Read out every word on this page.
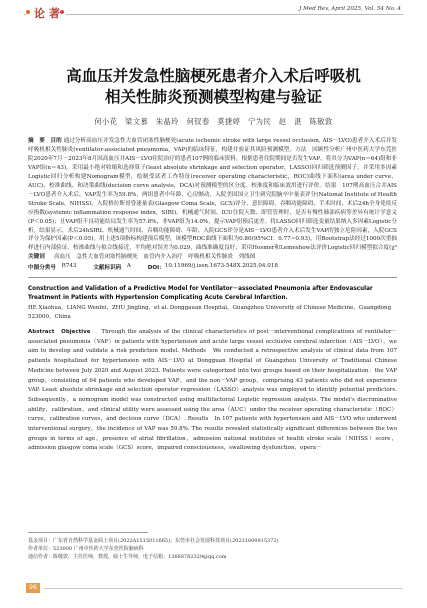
论 著	J Med Rev, April 2025, Vol. 54 No. 4
高血压并发急性脑梗死患者介入术后呼吸机
相关性肺炎预测模型构建与验证
何小花　梁文慕　朱晶玲　何钗春　莫捷婷　宁为民　赵　湛　陈敬敦
摘　要　目的 通过分析高血压并发急性大血管闭塞性脑梗死(acute ischemic stroke with large vessel occlusion, AIS－LVO)患者介入术后并发呼吸机相关性肺炎(ventilator-associated pneumonia，VAP)的临床特征，构建并验证其风险预测模型。方法　回顾性分析广州中医药大学东莞医院2020年7月－2023年8月因高血压并AIS－LVO住院治疗的患者107例的临床资料，根据患者住院期间是否发生VAP，将其分为VAP(n＝64)组和非VAP组(n＝43)。采用最小绝对收缩和选择算子(least absolute shrinkage and selection operator，LASSO)回归筛选预测因子，并采用多因素Logistic回归分析构建Nomogram模型，绘制受试者工作特征(receiver operating characteristic，ROC)曲线下面积(area under curve，AUC)、校准曲线、和决策曲线(decision curve analysis，DCA)对预测模型的区分度、校准度和临床效用进行评价。结果　107例高血压合并AIS－LVO患者介入术后，VAP发生率为59.8%，两组患者中年龄、心房颤动、入院美国国立卫生研究院脑卒中量表评分(National Institute of Health Stroke Scale，NIHSS)、入院格拉斯哥昏迷量表(Glasgow Coma Scale，GCS)评分、意识障碍、吞咽功能障碍、手术时间、术后24h全身免疫反应指数(systemic inflammation response index，SIRI)、机械通气时间、ICU住院天数、即管管理时、是否有慢性肺部疾病等差异有统计学意义(P＜0.05)；且VAP组不良功能结局发生率为57.8%，非VAP组为14.0%，提示VAP组预后更差。将LASSO回归筛选变量结果纳入多因素Logistic分析，结果显示，术后24hSIRI、机械通气时间、吞咽功能障碍、年龄、入院GCS评分是AIS－LVO患者介入术后发生VAP的独立危险因素，入院GCS评分为保护因素(P＜0.05)。用上述5项指标构建预后模型，该模型ROC曲线下面积为0.80(95%CI：0.77~0.93)，用Bootstrap法经过1000次重抽样进行内部验证，校准曲线与拟合线接近，平均绝对误差为0.029，曲线准确度良好；采用Hosmer和Lemeshow法评价Logistic回归模型拟合度(χ²　
关键词 　 高血压　急性大血管闭塞性脑梗死　血管内介入治疗　呼吸机相关性肺炎　列线图
中图分类号
　 R743
　　　	文献标识码
　 A
　　　	DOI： 10.11969/j.issn.1673-548X.2025.04.018
Construction and Validation of a Predictive Model for Ventilator－associated Pneumonia after Endovascular Treatment in Patients with Hypertension Complicating Acute Cerebral Infarction.
HE Xiaohua，LIANG Wenfei，ZHU Jingling，et al. Donggauan Hospital，Guangzhou University of Chinese Medicine，Guangdong 523000，China
Abstract　Objective 　 Through the analysis of the clinical characteristics of post－interventional complications of ventilator－associated pneumonia（VAP）in patients with hypertension and acute large vessel occlusive cerebral infarction（AIS－LVO），we aim to develop and validate a risk prediction model. Methods　We conducted a retrospective analysis of clinical data from 107 patients hospitalized for hypertension with AIS－LVO at Dongguan Hospital of Guangzhou University of Traditional Chinese Medicine between July 2020 and August 2023. Patients were categorized into two groups based on their hospitalization：the VAP group，consisting of 64 patients who developed VAP，and the non－VAP group，comprising 43 patients who did not experience VAP. Least absolute shrinkage and selection operator regression（LASSO）analysis was employed to identify potential predictors. Subsequently，a nomogram model was constructed using multifactorial Logistic regression analysis. The model's discriminative ability，calibration，and clinical utility were assessed using the area（AUC）under the receiver operating characteristic（ROC）curve，calibration curves，and decision curve（DCA）. Results　In 107 patients with hypertension and AIS－LVO who underwent interventional surgery，the incidence of VAP was 59.8%. The results revealed statistically significant differences between the two groups in terms of age，presence of atrial fibrillation，admission national institutes of health stroke scale（NIHSS）score，admission glasgow coma scale（GCS）score，impaired consciousness，swallowing dysfunction，opera－
基金项目：广东省自然科学基金面上项目(2022A1515011665)；东莞市社会发展科技项目(20231800915372)
作者单位：523000 广州中医药大学东莞医院脑病科
通信作者：陈敬敦，主任医师，教授，硕士生导师，电子信箱：13668782329@qq.com
96
